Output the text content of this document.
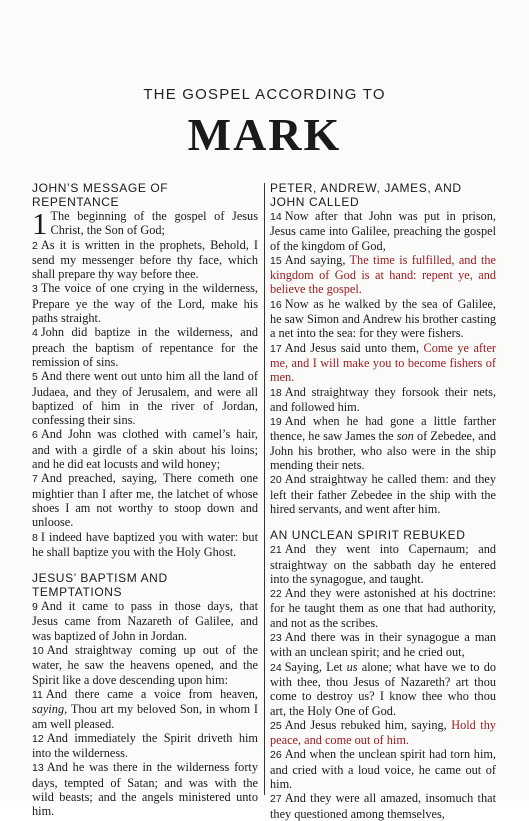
THE GOSPEL ACCORDING TO
MARK
JOHN’S MESSAGE OF REPENTANCE
1 The beginning of the gospel of Jesus Christ, the Son of God;
2 As it is written in the prophets, Behold, I send my messenger before thy face, which shall prepare thy way before thee.
3 The voice of one crying in the wilderness, Prepare ye the way of the Lord, make his paths straight.
4 John did baptize in the wilderness, and preach the baptism of repentance for the remission of sins.
5 And there went out unto him all the land of Judaea, and they of Jerusalem, and were all baptized of him in the river of Jordan, confessing their sins.
6 And John was clothed with camel’s hair, and with a girdle of a skin about his loins; and he did eat locusts and wild honey;
7 And preached, saying, There cometh one mightier than I after me, the latchet of whose shoes I am not worthy to stoop down and unloose.
8 I indeed have baptized you with water: but he shall baptize you with the Holy Ghost.
JESUS’ BAPTISM AND TEMPTATIONS
9 And it came to pass in those days, that Jesus came from Nazareth of Galilee, and was baptized of John in Jordan.
10 And straightway coming up out of the water, he saw the heavens opened, and the Spirit like a dove descending upon him:
11 And there came a voice from heaven, saying, Thou art my beloved Son, in whom I am well pleased.
12 And immediately the Spirit driveth him into the wilderness.
13 And he was there in the wilderness forty days, tempted of Satan; and was with the wild beasts; and the angels ministered unto him.
PETER, ANDREW, JAMES, AND JOHN CALLED
14 Now after that John was put in prison, Jesus came into Galilee, preaching the gospel of the kingdom of God,
15 And saying, The time is fulfilled, and the kingdom of God is at hand: repent ye, and believe the gospel.
16 Now as he walked by the sea of Galilee, he saw Simon and Andrew his brother casting a net into the sea: for they were fishers.
17 And Jesus said unto them, Come ye after me, and I will make you to become fishers of men.
18 And straightway they forsook their nets, and followed him.
19 And when he had gone a little farther thence, he saw James the son of Zebedee, and John his brother, who also were in the ship mending their nets.
20 And straightway he called them: and they left their father Zebedee in the ship with the hired servants, and went after him.
AN UNCLEAN SPIRIT REBUKED
21 And they went into Capernaum; and straightway on the sabbath day he entered into the synagogue, and taught.
22 And they were astonished at his doctrine: for he taught them as one that had authority, and not as the scribes.
23 And there was in their synagogue a man with an unclean spirit; and he cried out,
24 Saying, Let us alone; what have we to do with thee, thou Jesus of Nazareth? art thou come to destroy us? I know thee who thou art, the Holy One of God.
25 And Jesus rebuked him, saying, Hold thy peace, and come out of him.
26 And when the unclean spirit had torn him, and cried with a loud voice, he came out of him.
27 And they were all amazed, insomuch that they questioned among themselves,
